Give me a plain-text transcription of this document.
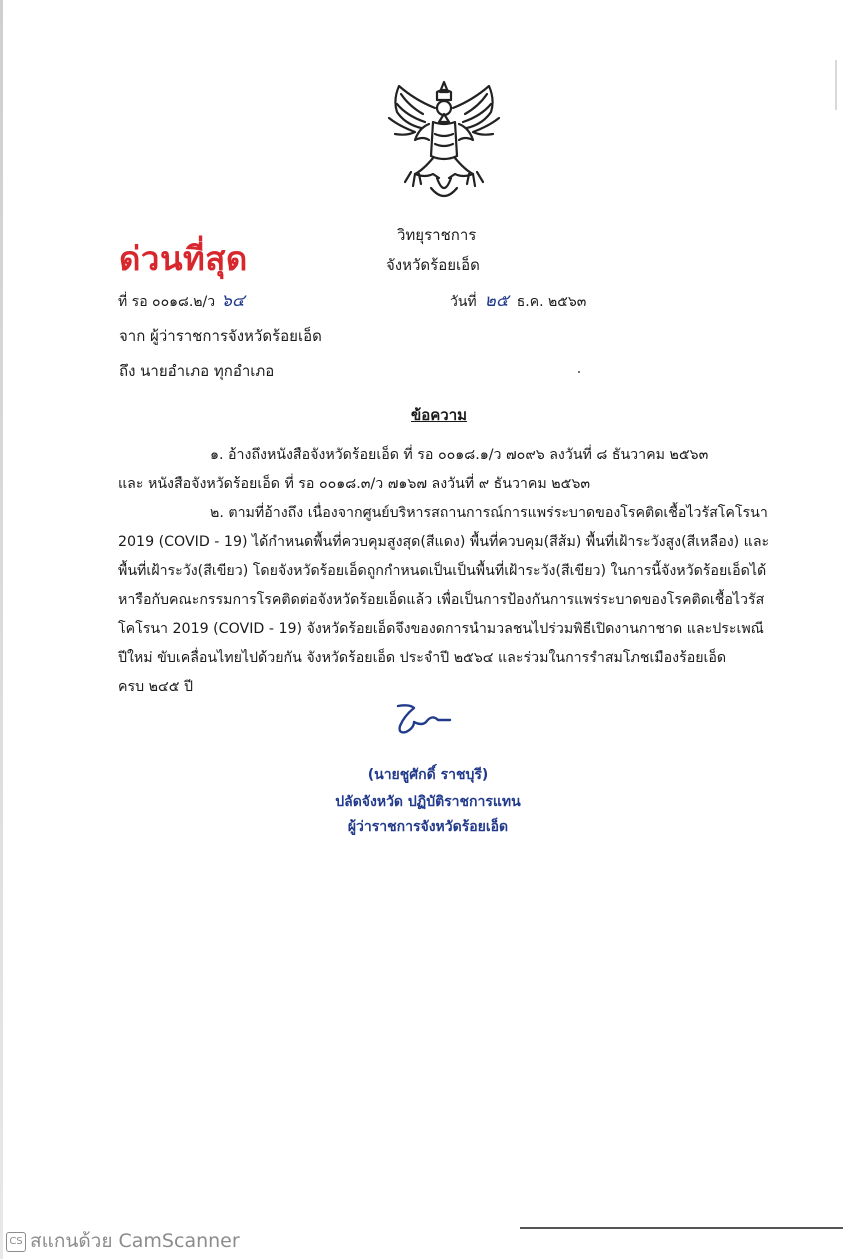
วิทยุราชการ
จังหวัดร้อยเอ็ด
ด่วนที่สุด
ที่ รอ ๐๐๑๘.๒/ว ๖๔	วันที่ ๒๕ ธ.ค. ๒๕๖๓
จาก ผู้ว่าราชการจังหวัดร้อยเอ็ด
ถึง นายอำเภอ ทุกอำเภอ
ข้อความ
๑. อ้างถึงหนังสือจังหวัดร้อยเอ็ด ที่ รอ ๐๐๑๘.๑/ว ๗๐๙๖ ลงวันที่ ๘ ธันวาคม ๒๕๖๓
และ หนังสือจังหวัดร้อยเอ็ด ที่ รอ ๐๐๑๘.๓/ว ๗๑๖๗ ลงวันที่ ๙ ธันวาคม ๒๕๖๓
๒. ตามที่อ้างถึง เนื่องจากศูนย์บริหารสถานการณ์การแพร่ระบาดของโรคติดเชื้อไวรัสโคโรนา
2019 (COVID - 19) ได้กำหนดพื้นที่ควบคุมสูงสุด(สีแดง) พื้นที่ควบคุม(สีส้ม) พื้นที่เฝ้าระวังสูง(สีเหลือง) และ
พื้นที่เฝ้าระวัง(สีเขียว) โดยจังหวัดร้อยเอ็ดถูกกำหนดเป็นเป็นพื้นที่เฝ้าระวัง(สีเขียว) ในการนี้จังหวัดร้อยเอ็ดได้
หารือกับคณะกรรมการโรคติดต่อจังหวัดร้อยเอ็ดแล้ว เพื่อเป็นการป้องกันการแพร่ระบาดของโรคติดเชื้อไวรัส
โคโรนา 2019 (COVID - 19) จังหวัดร้อยเอ็ดจึงของดการนำมวลชนไปร่วมพิธีเปิดงานกาชาด และประเพณี
ปีใหม่ ขับเคลื่อนไทยไปด้วยกัน จังหวัดร้อยเอ็ด ประจำปี ๒๕๖๔ และร่วมในการรำสมโภชเมืองร้อยเอ็ด
ครบ ๒๔๕ ปี
(นายชูศักดิ์ ราชบุรี)
ปลัดจังหวัด ปฏิบัติราชการแทน
ผู้ว่าราชการจังหวัดร้อยเอ็ด
CS สแกนด้วย CamScanner
